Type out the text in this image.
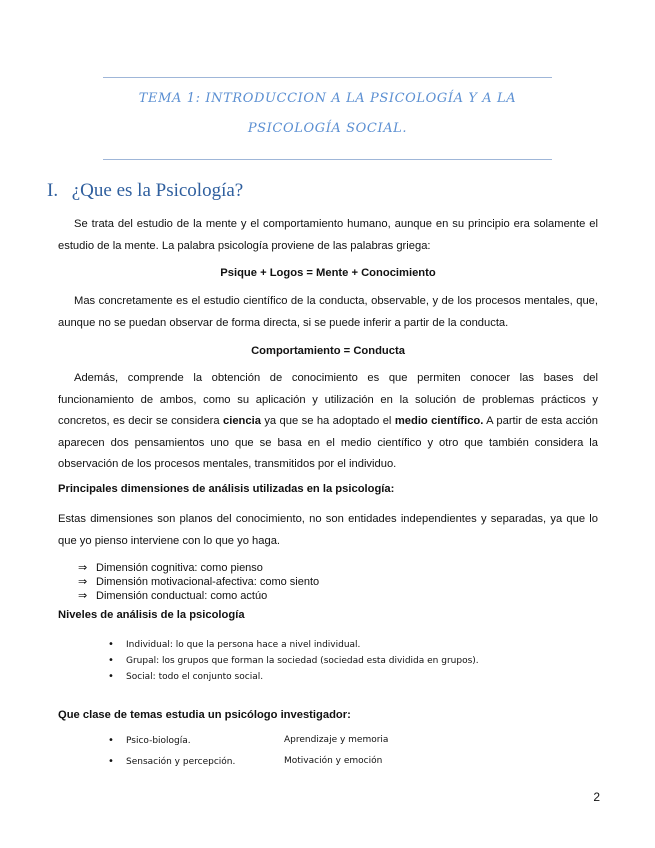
TEMA 1: INTRODUCCION A LA PSICOLOGÍA Y A LA
PSICOLOGÍA SOCIAL.
I. ¿Que es la Psicología?
Se trata del estudio de la mente y el comportamiento humano, aunque en su principio era solamente el estudio de la mente. La palabra psicología proviene de las palabras griega:
Psique + Logos = Mente + Conocimiento
Mas concretamente es el estudio científico de la conducta, observable, y de los procesos mentales, que, aunque no se puedan observar de forma directa, si se puede inferir a partir de la conducta.
Comportamiento = Conducta
Además, comprende la obtención de conocimiento es que permiten conocer las bases del funcionamiento de ambos, como su aplicación y utilización en la solución de problemas prácticos y concretos, es decir se considera ciencia ya que se ha adoptado el medio científico. A partir de esta acción aparecen dos pensamientos uno que se basa en el medio científico y otro que también considera la observación de los procesos mentales, transmitidos por el individuo.
Principales dimensiones de análisis utilizadas en la psicología:
Estas dimensiones son planos del conocimiento, no son entidades independientes y separadas, ya que lo que yo pienso interviene con lo que yo haga.
⇒ Dimensión cognitiva: como pienso
⇒ Dimensión motivacional-afectiva: como siento
⇒ Dimensión conductual: como actúo
Niveles de análisis de la psicología
• Individual: lo que la persona hace a nivel individual.
• Grupal: los grupos que forman la sociedad (sociedad esta dividida en grupos).
• Social: todo el conjunto social.
Que clase de temas estudia un psicólogo investigador:
• Psico-biología.	Aprendizaje y memoria
• Sensación y percepción.	Motivación y emoción
2
